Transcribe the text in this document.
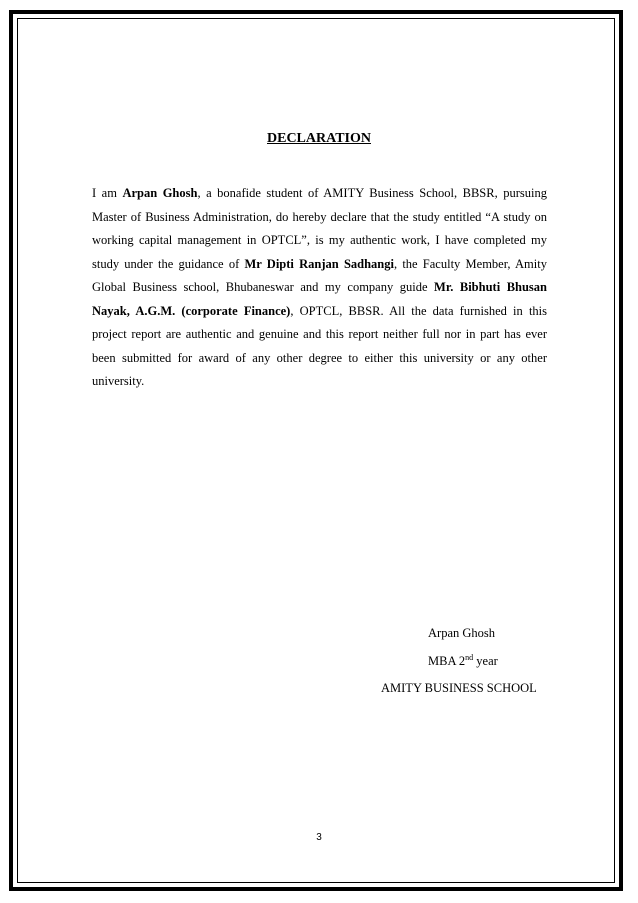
DECLARATION
I am Arpan Ghosh, a bonafide student of AMITY Business School, BBSR, pursuing Master of Business Administration, do hereby declare that the study entitled “A study on working capital management in OPTCL”, is my authentic work, I have completed my study under the guidance of Mr Dipti Ranjan Sadhangi, the Faculty Member, Amity Global Business school, Bhubaneswar and my company guide Mr. Bibhuti Bhusan Nayak, A.G.M. (corporate Finance), OPTCL, BBSR. All the data furnished in this project report are authentic and genuine and this report neither full nor in part has ever been submitted for award of any other degree to either this university or any other university.
Arpan Ghosh
MBA 2nd year
AMITY BUSINESS SCHOOL
3
